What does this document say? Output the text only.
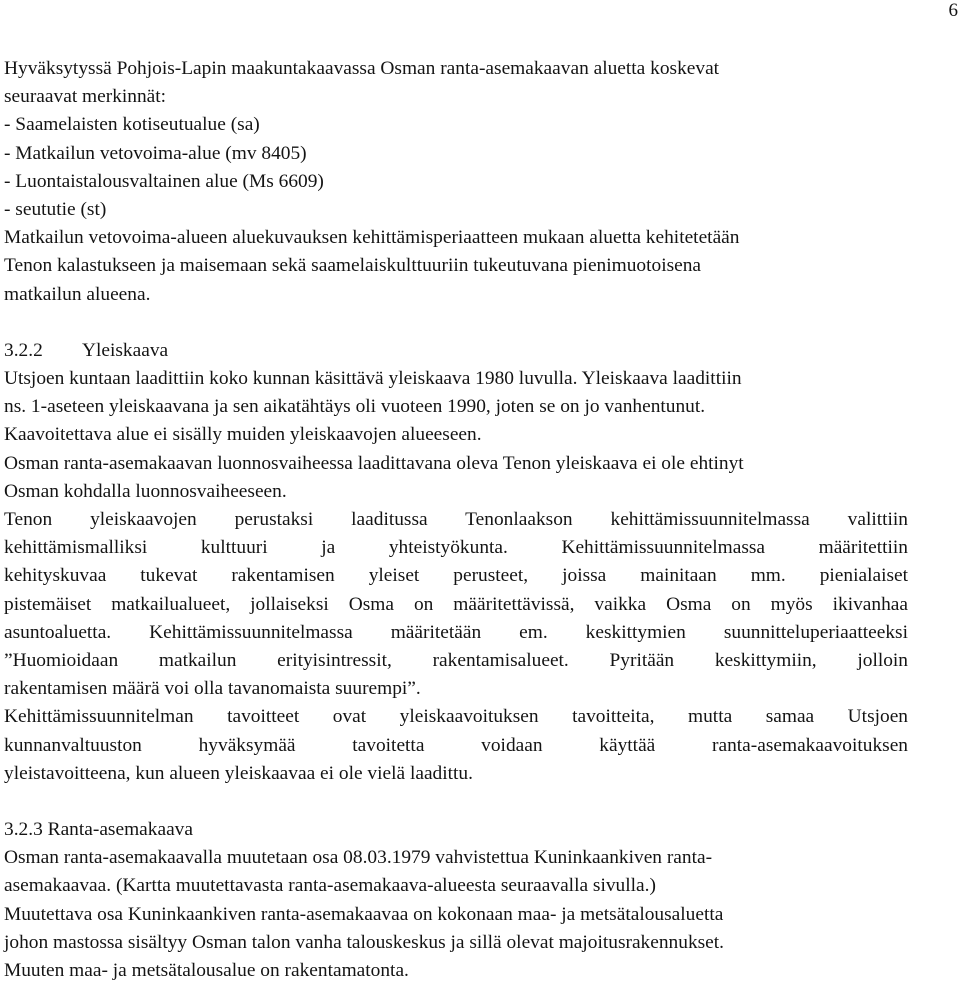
6
Hyväksytyssä Pohjois-Lapin maakuntakaavassa Osman ranta-asemakaavan aluetta koskevat
seuraavat merkinnät:
- Saamelaisten kotiseutualue (sa)
- Matkailun vetovoima-alue (mv 8405)
- Luontaistalousvaltainen alue (Ms 6609)
- seututie (st)
Matkailun vetovoima-alueen aluekuvauksen kehittämisperiaatteen mukaan aluetta kehitetetään
Tenon kalastukseen ja maisemaan sekä saamelaiskulttuuriin tukeutuvana pienimuotoisena
matkailun alueena.
3.2.2 Yleiskaava
Utsjoen kuntaan laadittiin koko kunnan käsittävä yleiskaava 1980 luvulla. Yleiskaava laadittiin
ns. 1-aseteen yleiskaavana ja sen aikatähtäys oli vuoteen 1990, joten se on jo vanhentunut.
Kaavoitettava alue ei sisälly muiden yleiskaavojen alueeseen.
Osman ranta-asemakaavan luonnosvaiheessa laadittavana oleva Tenon yleiskaava ei ole ehtinyt
Osman kohdalla luonnosvaiheeseen.
Tenon yleiskaavojen perustaksi laaditussa Tenonlaakson kehittämissuunnitelmassa valittiin
kehittämismalliksi kulttuuri ja yhteistyökunta. Kehittämissuunnitelmassa määritettiin
kehityskuvaa tukevat rakentamisen yleiset perusteet, joissa mainitaan mm. pienialaiset
pistemäiset matkailualueet, jollaiseksi Osma on määritettävissä, vaikka Osma on myös ikivanhaa
asuntoaluetta. Kehittämissuunnitelmassa määritetään em. keskittymien suunnitteluperiaatteeksi
”Huomioidaan matkailun erityisintressit, rakentamisalueet. Pyritään keskittymiin, jolloin
rakentamisen määrä voi olla tavanomaista suurempi”.
Kehittämissuunnitelman tavoitteet ovat yleiskaavoituksen tavoitteita, mutta samaa Utsjoen
kunnanvaltuuston hyväksymää tavoitetta voidaan käyttää ranta-asemakaavoituksen
yleistavoitteena, kun alueen yleiskaavaa ei ole vielä laadittu.
3.2.3 Ranta-asemakaava
Osman ranta-asemakaavalla muutetaan osa 08.03.1979 vahvistettua Kuninkaankiven ranta-
asemakaavaa. (Kartta muutettavasta ranta-asemakaava-alueesta seuraavalla sivulla.)
Muutettava osa Kuninkaankiven ranta-asemakaavaa on kokonaan maa- ja metsätalousaluetta
johon mastossa sisältyy Osman talon vanha talouskeskus ja sillä olevat majoitusrakennukset.
Muuten maa- ja metsätalousalue on rakentamatonta.
